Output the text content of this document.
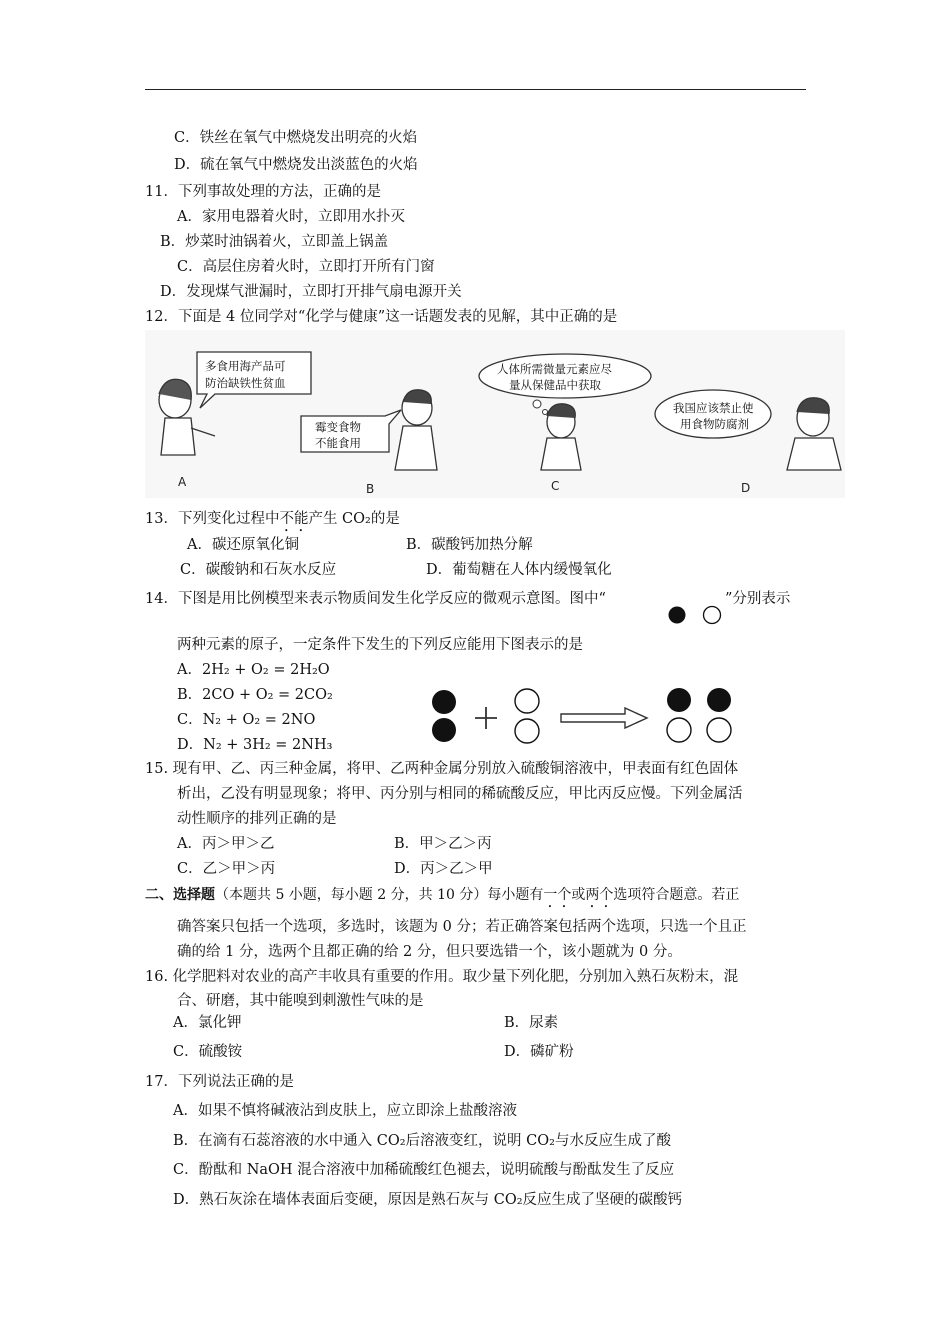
C．铁丝在氧气中燃烧发出明亮的火焰
D．硫在氧气中燃烧发出淡蓝色的火焰
11．下列事故处理的方法，正确的是
A．家用电器着火时，立即用水扑灭
B．炒菜时油锅着火，立即盖上锅盖
C．高层住房着火时，立即打开所有门窗
D．发现煤气泄漏时，立即打开排气扇电源开关
12．下面是 4 位同学对“化学与健康”这一话题发表的见解，其中正确的是
多食用海产品可
防治缺铁性贫血
A
霉变食物
不能食用
B
人体所需微量元素应尽
量从保健品中获取
C
我国应该禁止使
用食物防腐剂
D
13．下列变化过程中不能产生 CO₂的是
A．碳还原氧化铜	B．碳酸钙加热分解
C．碳酸钠和石灰水反应	D．葡萄糖在人体内缓慢氧化
14．下图是用比例模型来表示物质间发生化学反应的微观示意图。图中“	”分别表示
两种元素的原子，一定条件下发生的下列反应能用下图表示的是
A．2H₂ + O₂ = 2H₂O
B．2CO + O₂ = 2CO₂
C．N₂ + O₂ = 2NO
D．N₂ + 3H₂ = 2NH₃
15. 现有甲、乙、丙三种金属，将甲、乙两种金属分别放入硫酸铜溶液中，甲表面有红色固体
析出，乙没有明显现象；将甲、丙分别与相同的稀硫酸反应，甲比丙反应慢。下列金属活
动性顺序的排列正确的是
A．丙＞甲＞乙	B．甲＞乙＞丙
C．乙＞甲＞丙	D．丙＞乙＞甲
二、选择题（本题共 5 小题，每小题 2 分，共 10 分）每小题有一个或两个选项符合题意。若正
确答案只包括一个选项，多选时，该题为 0 分；若正确答案包括两个选项，只选一个且正
确的给 1 分，选两个且都正确的给 2 分，但只要选错一个，该小题就为 0 分。
16. 化学肥料对农业的高产丰收具有重要的作用。取少量下列化肥，分别加入熟石灰粉末，混
合、研磨，其中能嗅到刺激性气味的是
A．氯化钾	B．尿素
C．硫酸铵	D．磷矿粉
17．下列说法正确的是
A．如果不慎将碱液沾到皮肤上，应立即涂上盐酸溶液
B．在滴有石蕊溶液的水中通入 CO₂后溶液变红，说明 CO₂与水反应生成了酸
C．酚酞和 NaOH 混合溶液中加稀硫酸红色褪去，说明硫酸与酚酞发生了反应
D．熟石灰涂在墙体表面后变硬，原因是熟石灰与 CO₂反应生成了坚硬的碳酸钙
